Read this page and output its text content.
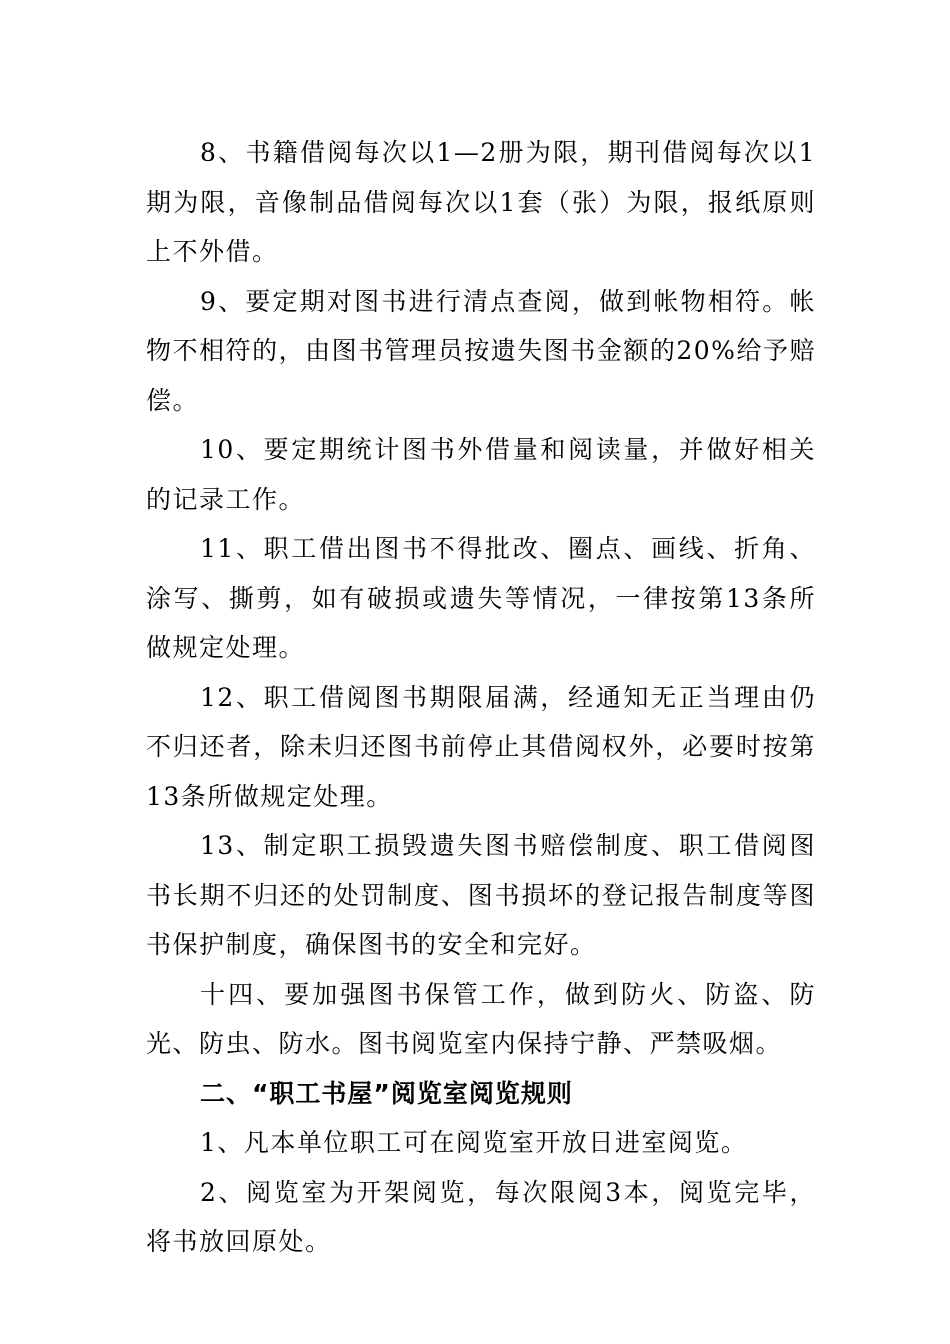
8、书籍借阅每次以1—2册为限，期刊借阅每次以1期为限，音像制品借阅每次以1套（张）为限，报纸原则上不外借。

9、要定期对图书进行清点查阅，做到帐物相符。帐物不相符的，由图书管理员按遗失图书金额的20%给予赔偿。

10、要定期统计图书外借量和阅读量，并做好相关的记录工作。

11、职工借出图书不得批改、圈点、画线、折角、涂写、撕剪，如有破损或遗失等情况，一律按第13条所做规定处理。

12、职工借阅图书期限届满，经通知无正当理由仍不归还者，除未归还图书前停止其借阅权外，必要时按第13条所做规定处理。

13、制定职工损毁遗失图书赔偿制度、职工借阅图书长期不归还的处罚制度、图书损坏的登记报告制度等图书保护制度，确保图书的安全和完好。

十四、要加强图书保管工作，做到防火、防盗、防光、防虫、防水。图书阅览室内保持宁静、严禁吸烟。

二、“职工书屋”阅览室阅览规则

1、凡本单位职工可在阅览室开放日进室阅览。

2、阅览室为开架阅览，每次限阅3本，阅览完毕，将书放回原处。
